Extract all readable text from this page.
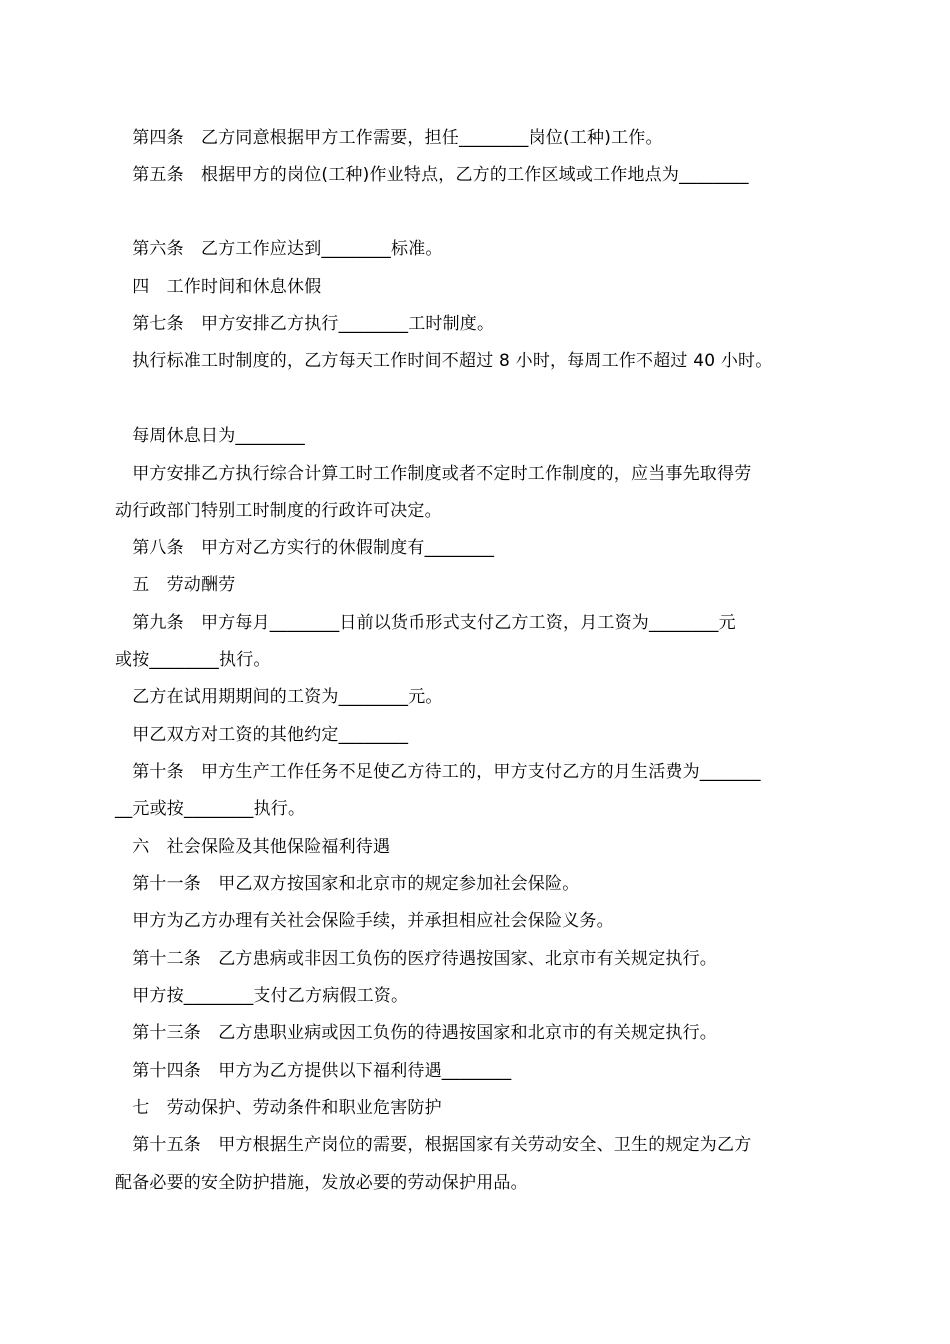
　第四条　乙方同意根据甲方工作需要，担任________岗位(工种)工作。
　第五条　根据甲方的岗位(工种)作业特点，乙方的工作区域或工作地点为________
　第六条　乙方工作应达到________标准。
　四　工作时间和休息休假
　第七条　甲方安排乙方执行________工时制度。
　执行标准工时制度的，乙方每天工作时间不超过 8 小时，每周工作不超过 40 小时。
　每周休息日为________
　甲方安排乙方执行综合计算工时工作制度或者不定时工作制度的，应当事先取得劳
动行政部门特别工时制度的行政许可决定。
　第八条　甲方对乙方实行的休假制度有________
　五　劳动酬劳
　第九条　甲方每月________日前以货币形式支付乙方工资，月工资为________元
或按________执行。
　乙方在试用期期间的工资为________元。
　甲乙双方对工资的其他约定________
　第十条　甲方生产工作任务不足使乙方待工的，甲方支付乙方的月生活费为_______
__元或按________执行。
　六　社会保险及其他保险福利待遇
　第十一条　甲乙双方按国家和北京市的规定参加社会保险。
　甲方为乙方办理有关社会保险手续，并承担相应社会保险义务。
　第十二条　乙方患病或非因工负伤的医疗待遇按国家、北京市有关规定执行。
　甲方按________支付乙方病假工资。
　第十三条　乙方患职业病或因工负伤的待遇按国家和北京市的有关规定执行。
　第十四条　甲方为乙方提供以下福利待遇________
　七　劳动保护、劳动条件和职业危害防护
　第十五条　甲方根据生产岗位的需要，根据国家有关劳动安全、卫生的规定为乙方
配备必要的安全防护措施，发放必要的劳动保护用品。
